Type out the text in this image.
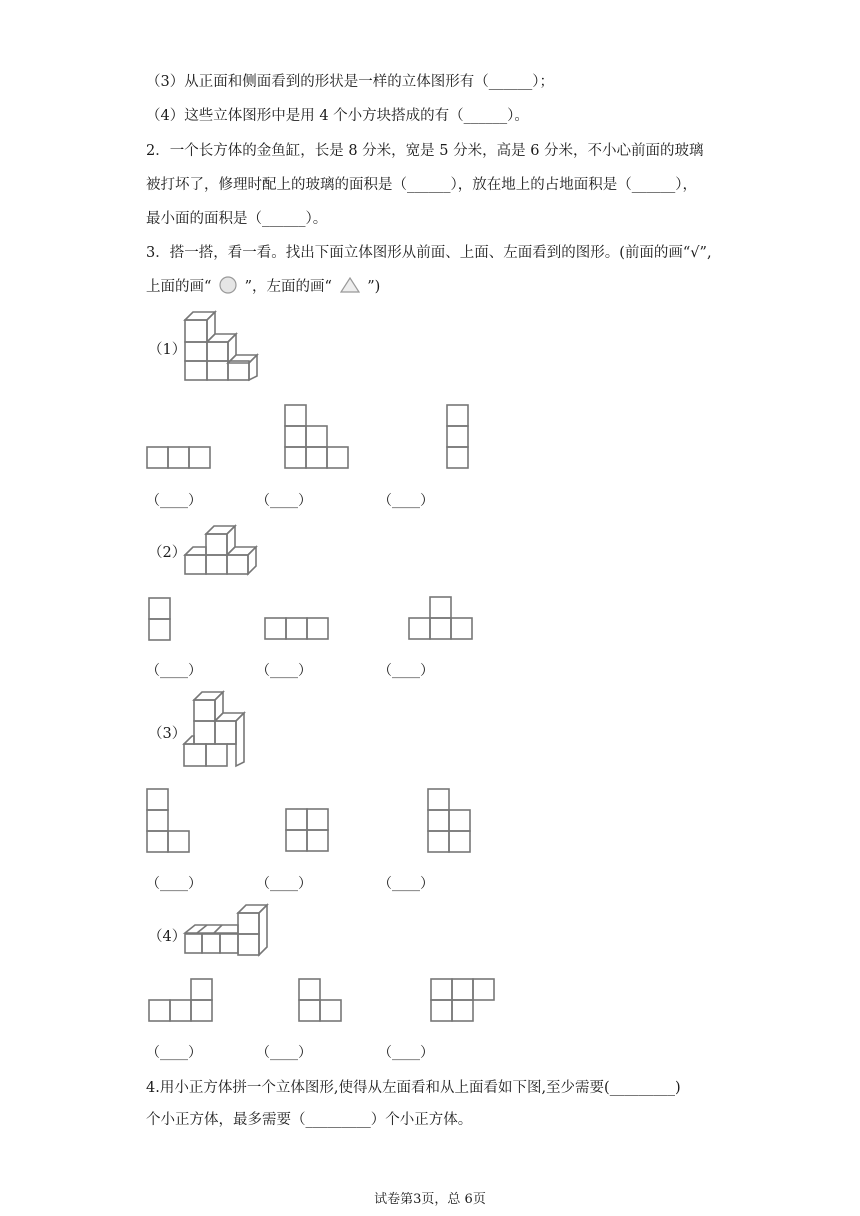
（3）从正面和侧面看到的形状是一样的立体图形有（______）；
（4）这些立体图形中是用 4 个小方块搭成的有（______）。
2．一个长方体的金鱼缸，长是 8 分米，宽是 5 分米，高是 6 分米，不小心前面的玻璃
被打坏了，修理时配上的玻璃的面积是（______），放在地上的占地面积是（______），
最小面的面积是（______）。
3．搭一搭，看一看。找出下面立体图形从前面、上面、左面看到的图形。(前面的画“√”,
上面的画“ ”，左面的画“ ”)
（1）
（____）	（____）	（____）
（2）
（____）	（____）	（____）
（3）
（____）	（____）	（____）
（4）
（____）	（____）	（____）
4.用小正方体拼一个立体图形,使得从左面看和从上面看如下图,至少需要(_________)
个小正方体，最多需要（_________）个小正方体。
试卷第3页，总 6页
